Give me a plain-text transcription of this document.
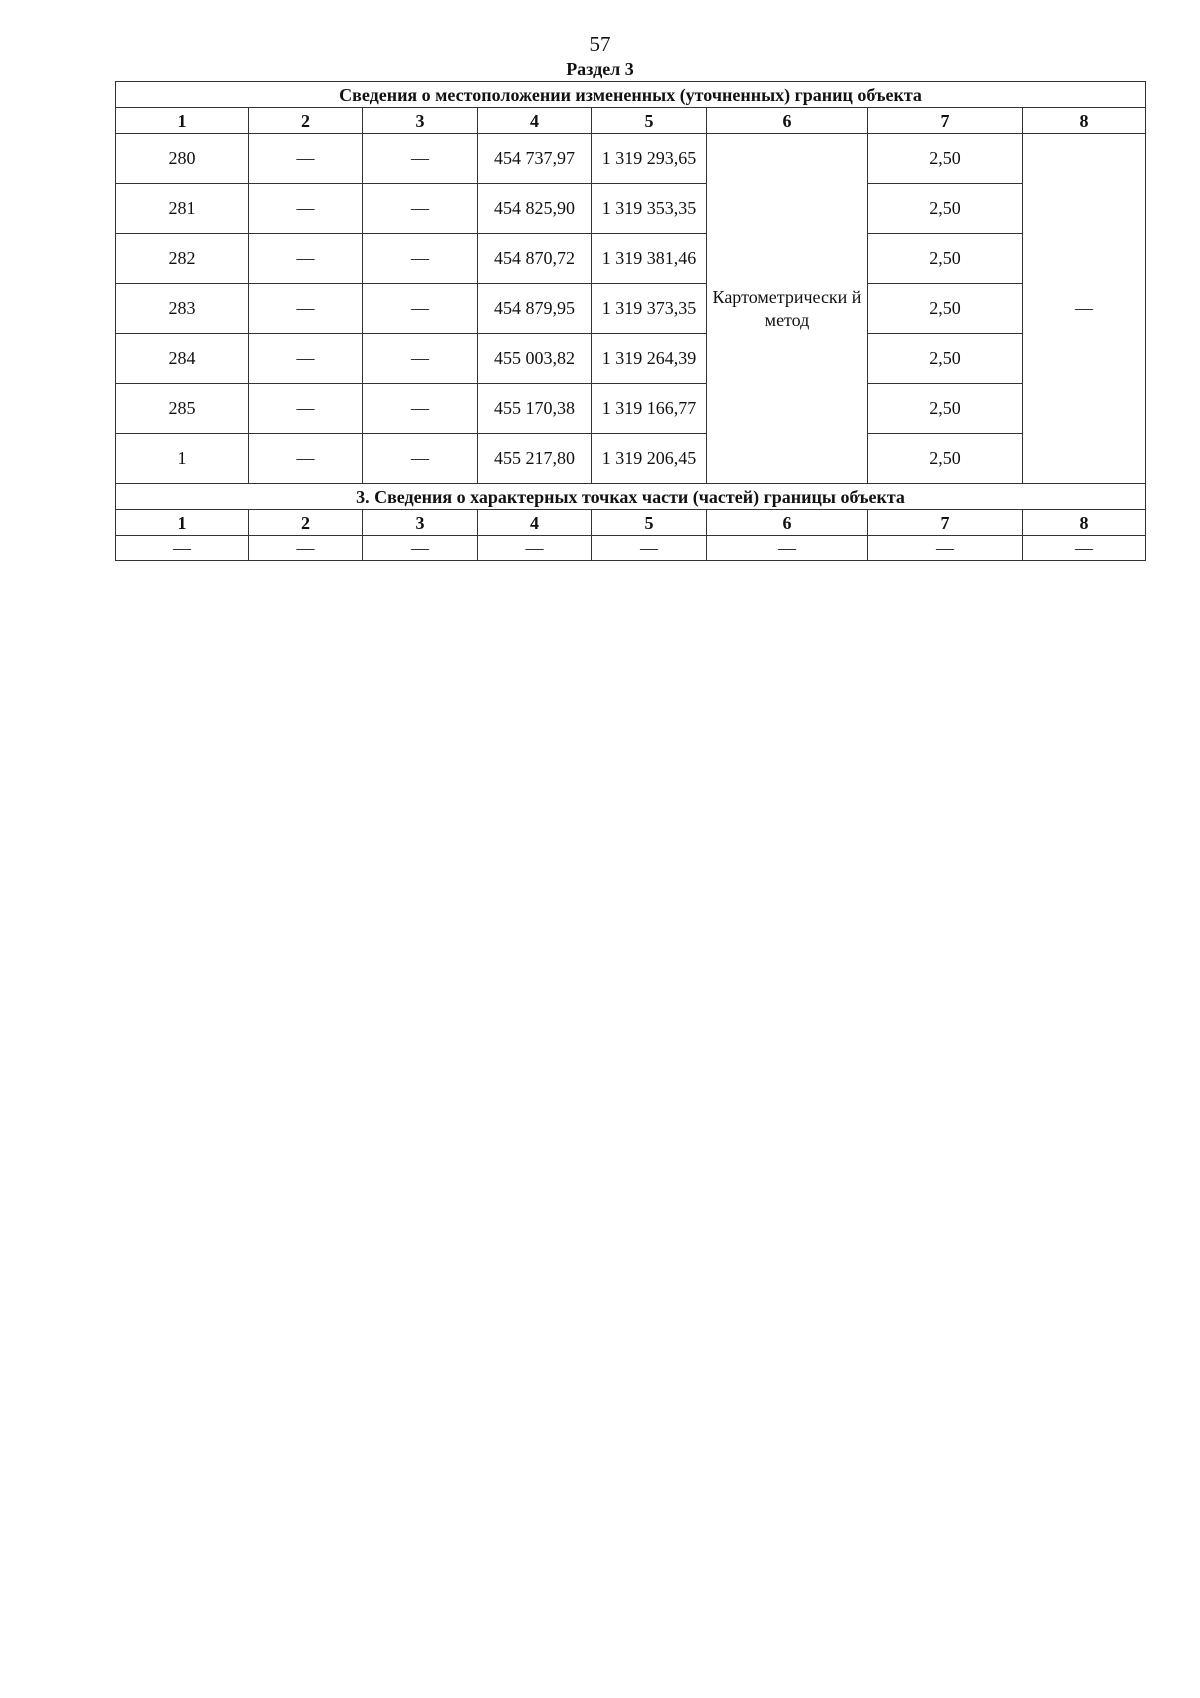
57
Раздел 3
Сведения о местоположении измененных (уточненных) границ объекта							
1	2	3	4	5	6	7	8
280	—	—	454 737,97	1 319 293,65	Картометрически й метод	2,50	—
281	—	—	454 825,90	1 319 353,35		2,50	
282	—	—	454 870,72	1 319 381,46		2,50	
283	—	—	454 879,95	1 319 373,35		2,50	
284	—	—	455 003,82	1 319 264,39		2,50	
285	—	—	455 170,38	1 319 166,77		2,50	
1	—	—	455 217,80	1 319 206,45		2,50	
3. Сведения о характерных точках части (частей) границы объекта							
1	2	3	4	5	6	7	8
—	—	—	—	—	—	—	—
